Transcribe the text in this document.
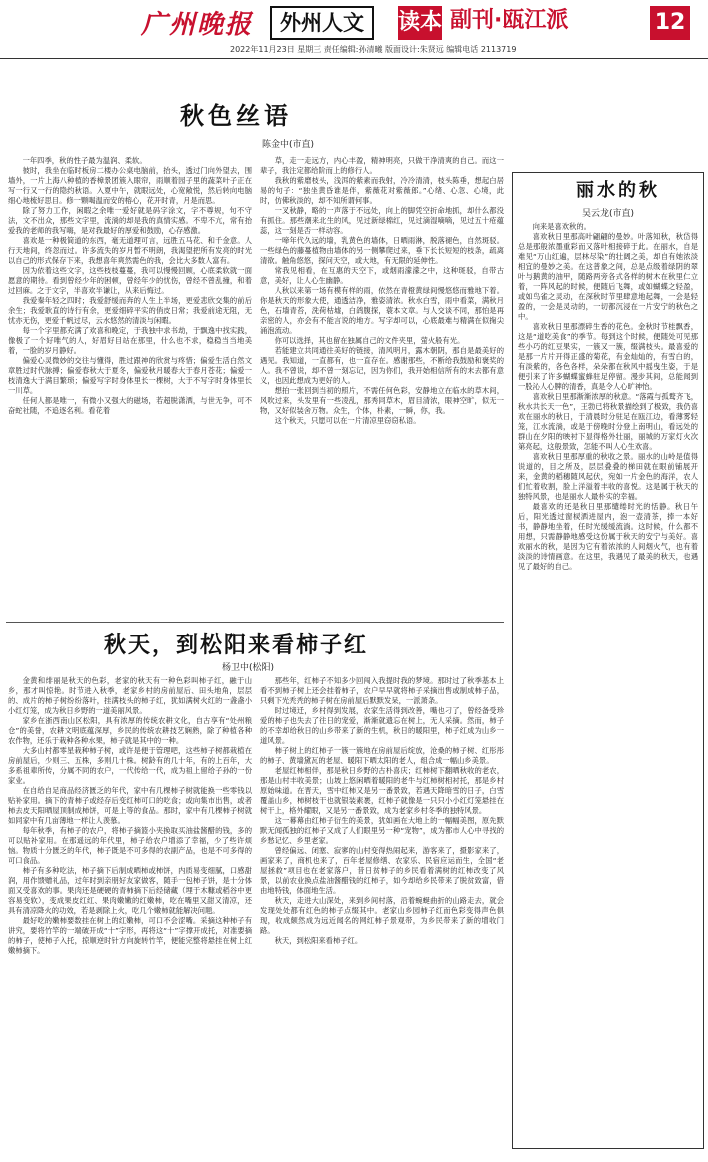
广州晚报	外州人文	读本 副刊·瓯江派	12
2022年11月23日 星期三 责任编辑:孙清曦 版面设计:朱贤远 编辑电话 2113719
秋色丝语
陈金中(市直)

一年四季，秋的性子最为温润、柔软。

彼时，我坐在临时板房二楼办公桌电脑前，抬头，透过门向外望去，围墙外，一片上海八种植的香樟景团簇入眼帘，雨顺着园子里的蔬菜叶子正在写一行又一行的隐约秋语。入夏中午，就眼远处，心宽敞悦，然后转向电脑细心地梳好思目。修一颗喝温而安的榕心，花开时青，月是而思。

除了努力工作，闲暇之余唯一爱好就是码字涂文，字不尊规，句不守法，文不出众，那些文字里，流淌的却是我的真情实感。不卑不亢，常有抬爱我的老师的我写嗨，是对我最好的厚爱和鼓励，心存感激。

喜欢是一种极简道的东西，毫无道理可言，远胜五马花、和千金意。人行天地间，终忽而过。许多流失的岁月暂不明朗，我渴望把所有发亮的时光以自己的形式保存下来，我想喜年爽然需色的我，会比大多数人富有。

因为依着这些文字，这些枝枝蔓蔓，我可以慢慢回顾，心底柔软就一面愿意的期待。看到曾经少年的困顿，曾经年少的忧伤，曾经不曾乱撞，和着过回麻。之于文字，半喜欢半谦让，从来后悔过。

我爱秦年轻之四时；我爱舒缓而奔的人生上半场，更爱悲欣交集的前后余生；我爱耿直的诗行有余，更爱细碎平实的俏皮日常；我爱前途无阻，无忧亦无伤，更爱千帆过尽，云水悠然的清淡与闲暇。

每一个字里都充满了欢喜和晚定，于我独中求书劫，于飘逸中找实践，像极了一个好唯气的人，好眉好目站在那里，什么也不求，稳稳当当地美着，一脸的岁月静好。

偏爱心灵微妙的交往与懂得，胜过跟神的欣赏与疼惜；偏爱生活白然文章胜过时代脉搏；偏爱春秋大于夏冬，偏爱秋月暖春大于春月苍花；偏爱一枝清逸大于满目繁琐；偏爱写字时身体里长一棵树，大于不写字时身体里长一川草。

任何人都是唯一，有微小又强大的磁场，若超脱潇洒，与世无争，可不奋蛇社随，不追逐名利。看花着

草，走一走远方，内心丰盈，精神明亮，只做干净清爽的自己。而这一辈子，我注定都给阶而上的修行人。

我秋的紫磨枝头，浅洱的紫素而我射，冷冷清清，枝头陈垂，想起白居易的句子：“独坐黄昏谁是伴，紫薇花对紫薇郎。”心绪、心忽、心境，此时，仿佛秋淡的，却不知所谓何事。

一叉秋静，略的一声落于不远处，向上的脚凭空折命地抓，却什么都没有抓住。那些潮来北生的风，见过新绿棉红，见过滴湿嘀嘀，见过五十疮蕴蕊，这一刻是否一样动容。

一啼年代久远的墙，乳黄色的墙体，日晒雨淋，脱落褪色，自然斑驳。一些绿色的藤蔓植物由墙体的另一侧攀爬过来，垂下长长短短的枝条，疏离清欲。触角悠悠，探问天空，或大地，有无限的延伸性。

常我见相看，在互惠的天空下，或烟雨濛濛之中，这种斑驳，自带古意，美好，让人心生幽静。

人秋以来第一场有模有样的雨，依然在青橙黄绿间慢悠悠而雅地下着。你是秋天的形象大使，通透洁净，雅姿清浓。秋水白雪，雨中看菜，满秋月色，石墙青苔，洗荷枯墟，白鸽腹探，蓑本文章。与人交谈不同，那怕是再亲密的人，亦会有不能言说的地方。写字却可以，心底最难与精满在似掬尖涌泡流动。

你可以选择，其也留在独属自己的文件夹里，萤火般有光。

若能建立共同通往美好的链接，清风明月，露木朝阴，那自是最美好的遇见。我知道，一直都有，也一直存在。感谢那些，不断给我鼓励和褒奖的人。我不曾说，却不曾一刻忘记，因为你们，我开始相信所有的末去都有意义，也因此想成为更好的人。

想拍一张回到当初的照片，不需任何色彩，安静地立在临水的草木间，风吹过来，头发里有一些凌乱，那秀同草木，眉目清浓，眼神空旷，似无一物，又好似装舍万物。众生，个体，朴素，一瞬，你，我。

这个秋天，只愿可以在一片清凉里窃窃私语。

秋天，到松阳来看柿子红
杨卫中(松阳)

金黄和绯丽是秋天的色彩，老家的秋天有一种色彩叫柿子红，融于山乡，那才叫惊艳。时节进入秋季，老家乡村的房前屋后、田头地角，层层的、成片的柿子树纷纷落叶，挂满枝头的柿子红，犹如满树火红的一盏盏小小红灯笼，成为秋日乡野的一道美丽风景。

家乡在浙西南山区松阳，具有浓厚的传统农耕文化，自古享有“处州粮仓”的美誉，农耕文明底蕴深厚，乡民的传统农耕技艺娴熟，除了种植各种农作物，还乐于栽种各种水果，柿子就是其中的一种。

大多山村都零星栽种柿子树，或许是便于管理吧，这些柿子树都栽植在房前屋后，少则三、五株，多则几十株。树龄有的几十年，有的上百年，大多系祖辈所传，分属不同的农户，一代传给一代，成为祖上留给子孙的一份家业。

在自给自足商品经济匮乏的年代，家中有几棵柿子树就能换一些零钱以贴补家用。摘下的青柿子或经存后变红柿可口的吃食；或向集市出售，或者柿去皮天阳晒屋顶制成柿饼，可是上等的食品。那时，家中有几棵柿子树就如同家中有几亩薄地一样让人羡慕。

每年秋季，有柿子的农户，将柿子摘篮小夹换取买油盐酱醋的钱，多的可以贴补家用。在那遥远的年代里，柿子给农户增添了幸福，少了些许烦恼。物质十分匮乏的年代，柿子既是不可多得的农副产品，也是不可多得的可口食品。

柿子有多种吃法，柿子摘下后制成晒柿或柿饼，内质易变细腻，口感甜润，用作馈赠礼品，过年时到亲朋好友家做客，随手一包柿子饼，是十分体面又受喜欢的事。果肉还是硬硬的青柿摘下后经储藏（埋于木糠或稻谷中更容易变软），变成果皮红红、果肉嫩嫩的红嫩柿，吃在嘴里又甜又清凉，还具有清凉降火的功效，若是剥除上火，吃几个嫩柿就能解决问题。

最好吃的嫩柿要数挂在树上的红嫩柿，可口不会涩嘴。采摘这种柿子有讲究，要将竹竿的一端破开成“十”字形，再将这“十”字撑开成托，对准要摘的柿子，使柿子入托，掠顺逆时针方向旋转竹竿，便能完整将悬挂在树上红嫩柿摘下。

那些年，红柿子不知多少回闯入我提时我的梦境。那时过了秋季基本上看不到柿子树上还会挂着柿子，农户早早就将柿子采摘出售或制成柿子品，只剩下光秃秃的柿子树在房前屋后默默发呆，一派萧条。

时过境迁，乡村得到发展，农家生活得到改善，嘴也刁了，曾经备受珍爱的柿子也失去了往日的宠爱，渐渐就遗忘在树上，无人采摘。然而，柿子的不幸却给秋日的山乡带来了新的生机，秋日的暖阳里，柿子红成为山乡一道风景。

柿子树上的红柿子一簇一簇地在房前屋后绽放，沧桑的柿子树、红彤彤的柿子、黄墙黛瓦的老屋、暖阳下晒太阳的老人，组合成一幅山乡美景。

老屋红柿相伴，那是秋日乡野的古朴喜庆；红柿树下翻晒秋收的老农，那是山村丰收美景；山坡上悠闲晒着暖阳的老牛与红柿树相衬托，那是乡村原始味道。在晋天，雪中红柿又是另一番景致，若遇天降暗雪的日子，白雪覆盖山乡，柿树枝干也就银装素裹，红柿子就像是一只只小小红灯笼悬挂在树干上，格外耀眼，又是另一番景致，成为老家乡村冬季的独特风景。

这一幕幕由红柿子衍生的美景，犹如画在大地上的一幅幅美图，原先默默无闻孤独的红柿子又成了人们眼里另一种“宠物”，成为都市人心中寻找的乡愁记忆、乡里老家。

曾经偏远、闭塞、寂寥的山村变得热闹起来，游客来了，摄影家来了，画家来了，商机也来了，百年老屋修缮、农家乐、民宿应运而生，全国“老屋拯救”项目也在老家落户，昔日贫柿子的乡民看着满树的红柿改变了风景，以前农业换点盐油酱醋钱的红柿子，如今却给乡民带来了脱贫致富，借由地特钱，体面地生活。

秋天，走进大山深处，来到乡间村落，沿着蜿蜒曲折的山路走去，就会发现处处都有红色的柿子点缀其中。老家山乡园柿子红而色彩变得声色俱现，收成颇然成为远近闻名的网红柿子景观带，为乡民带来了新的增收门路。

秋天，到松阳来看柿子红。

丽水的秋
吴云龙(市直)

向来是喜欢秋的。

喜欢秋日里那高叶翩翩的曼妙。叶落知秋，秋岱得总是那般浓墨重彩而又落叶相接碎于此。在丽水，自是难见“万山红遍，层林尽染”的壮阔之美，却自有她浓淡相宜的曼妙之美。在这普象之间，总是点级着绿阴的翠叶与鹅黄的油甲，随路两旁各式各样的树木在秋里仁立着，一阵风起的时候，便随后飞舞，或如蝴蝶之轻盈，或如鸟雀之灵动，在深秋时节里肆意地起舞，一会是轻盈的，一会是灵动的，一切都沉浸在一片安宁的秋色之中。

喜欢秋日里那漂碎生香的花色。金秋时节桂飘香，这是“道吃美食”的季节。每到这个时候，便随处可见那些小巧的红豆果实，一簇又一簇，缀满枝头。最喜爱的是那一片片开得正盛的菊花，有金灿灿的，有雪白的，有淡紫的，各色各样，朵朵都在秋风中摇曳生姿，于是便引来了许多蝴蝶蜜蜂驻足停留。漫步其间，总能闻到一股沁人心脾的清香，真是令人心旷神怡。

喜欢秋日里那渐渐浓厚的秋意。“落霞与孤鹜齐飞，秋水共长天一色”，王勃已将秋景描绘到了极致，我仍喜欢在丽水的秋日，于清晨时分驻足在瓯江边，看薄雾轻笼，江水流淌，或是于傍晚时分登上南明山，看远处的群山在夕阳的映衬下显得格外壮丽，丽城的万家灯火次第亮起，这般景致，怎能不叫人心生欢喜。

喜欢秋日里那厚重的秋收之景。丽水的山岭是值得说道的，目之所及，层层叠叠的梯田就在眼前铺展开来，金黄的稻穗随风起伏，宛如一片金色的海洋，农人们忙着收割，脸上洋溢着丰收的喜悦。这是属于秋天的独特风景，也是丽水人最朴实的幸福。

最喜欢的还是秋日里那缱绻时光的恬静。秋日午后，阳光透过窗棂洒进屋内，泡一壶清茶，捧一本好书，静静地坐着，任时光缓缓流淌。这时候，什么都不用想，只需静静地感受这份属于秋天的安宁与美好。喜欢丽水的秋，是因为它有着浓浓的人间烟火气，也有着淡淡的诗情画意。在这里，我遇见了最美的秋天，也遇见了最好的自己。
